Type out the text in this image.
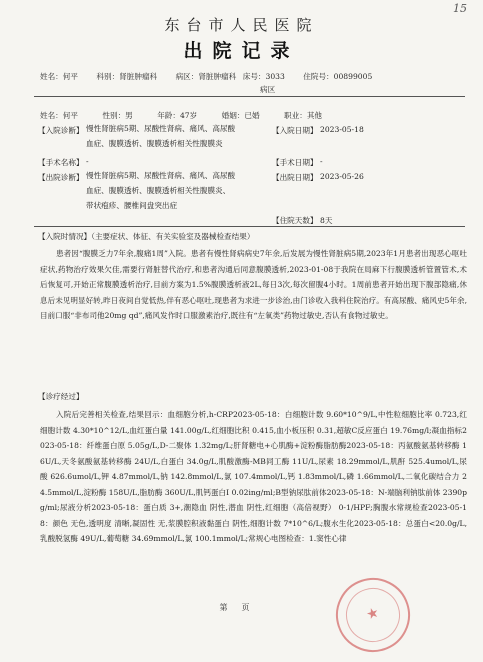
15
东台市人民医院
出院记录
姓名：何平 科别：肾脏肿瘤科 病区：肾脏肿瘤科 床号：3033 住院号：00899005
病区
姓名：何平	性别：男	年龄：47岁	婚姻：已婚	职业：其他
【入院诊断】 慢性肾脏病5期、尿酸性肾病、痛风、高尿酸血症、腹膜透析、腹膜透析相关性腹膜炎
【入院日期】 2023-05-18
【手术名称】 -	【手术日期】 -
【出院诊断】 慢性肾脏病5期、尿酸性肾病、痛风、高尿酸血症、腹膜透析、腹膜透析相关性腹膜炎、带状疱疹、腰椎间盘突出症
【出院日期】 2023-05-26
【住院天数】 8天
【入院时情况】（主要症状、体征、有关实验室及器械检查结果）
患者因“腹膜乏力7年余,腹痛1周”入院。患者有慢性肾病病史7年余,后发展为慢性肾脏病5期,2023年1月患者出现恶心呕吐症状,药物治疗效果欠佳,需要行肾脏替代治疗,和患者沟通后同意腹膜透析,2023-01-08于我院在局麻下行腹膜透析管置管术,术后恢复可,开始正常腹膜透析治疗,目前方案为1.5%腹膜透析液2L,每日3次,每次留腹4小时。1周前患者开始出现下腹部隐痛,休息后未见明显好转,昨日夜间自觉低热,伴有恶心呕吐,现患者为求进一步诊治,由门诊收入我科住院治疗。有高尿酸、痛风史5年余,目前口服“非布司他20mg qd”,痛风发作时口服激素治疗,既往有“左氧类”药物过敏史,否认有食物过敏史。
【诊疗经过】
入院后完善相关检查,结果回示：血细胞分析,h-CRP2023-05-18：白细胞计数 9.60*10^9/L,中性粒细胞比率 0.723,红细胞计数 4.30*10^12/L,血红蛋白量 141.00g/L,红细胞比积 0.415,血小板压积 0.31,超敏C反应蛋白 19.76mg/l;凝血指标2023-05-18：纤维蛋白原 5.05g/L,D-二聚体 1.32mg/L;肝肾糖电+心肌酶+淀粉酶脂肪酶2023-05-18：丙氨酸氨基转移酶 16U/L,天冬氨酸氨基转移酶 24U/L,白蛋白 34.0g/L,肌酸激酶-MB同工酶 11U/L,尿素 18.29mmol/L,肌酐 525.4umol/L,尿酸 626.6umol/L,钾 4.87mmol/L,钠 142.8mmol/L,氯 107.4mmol/L,钙 1.83mmol/L,磷 1.66mmol/L,二氧化碳结合力 24.5mmol/L,淀粉酶 158U/L,脂肪酶 360U/L,肌钙蛋白I 0.02ing/ml;B型钠尿肽前体2023-05-18：N-端脑利钠肽前体 2390pg/ml;尿液分析2023-05-18：蛋白质 3+,潮隐血 阴性,潜血 阴性,红细胞（高倍视野） 0-1/HPF;胸腹水常规检查2023-05-18：颜色 无色,透明度 清晰,凝固性 无,浆膜腔积液黏蛋白 阴性,细胞计数 7*10^6/L;腹水生化2023-05-18：总蛋白<20.0g/L,乳酸脱氢酶 49U/L,葡萄糖 34.69mmol/L,氯 100.1mmol/L;常规心电图检查：1.窦性心律
第页	★
